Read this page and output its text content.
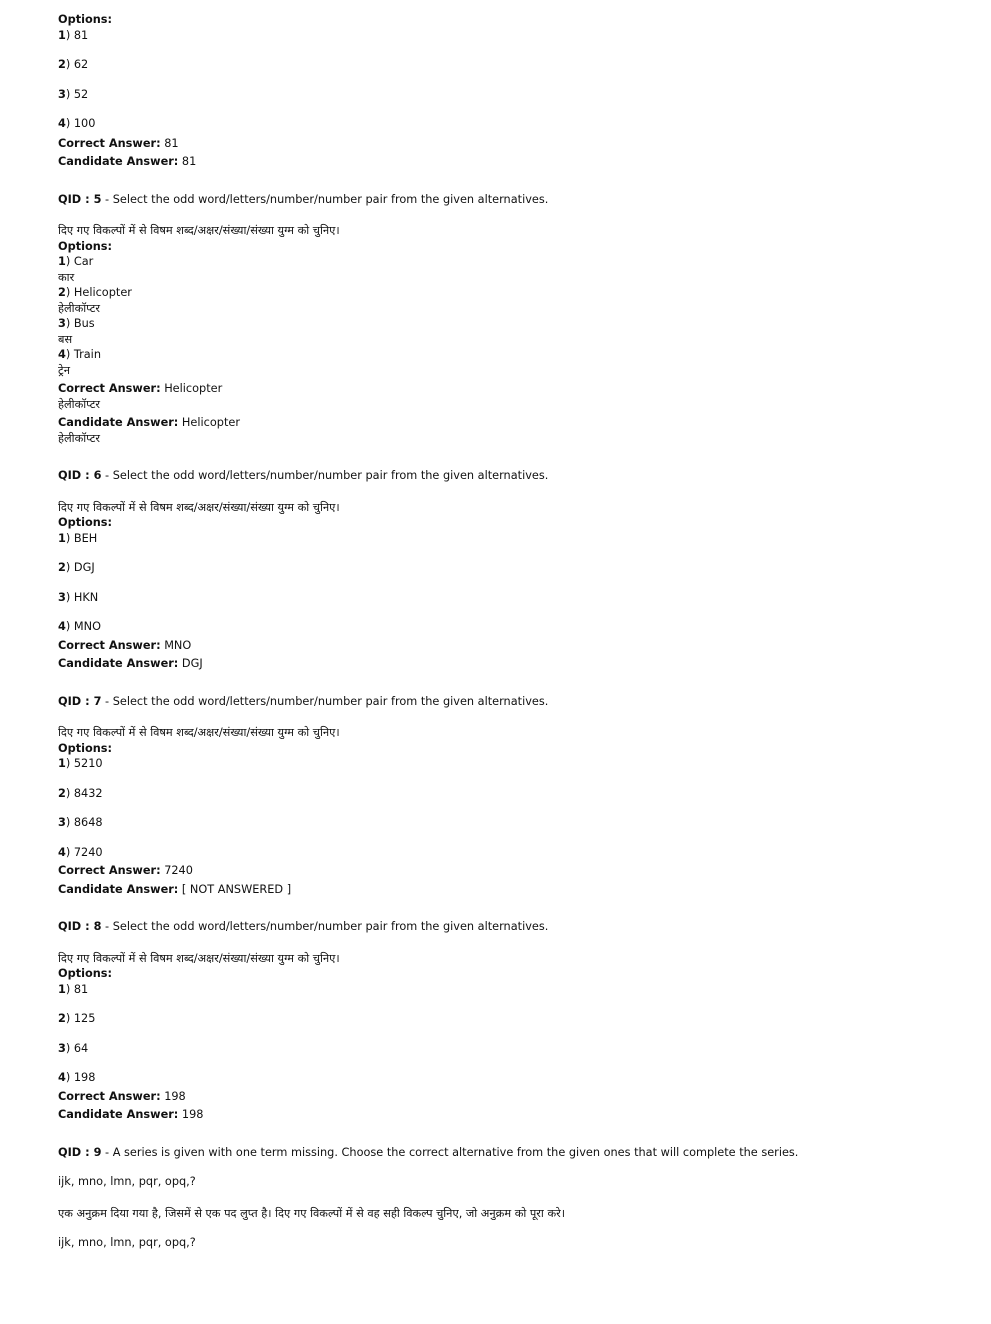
Options:
1) 81
2) 62
3) 52
4) 100
Correct Answer: 81
Candidate Answer: 81
QID : 5 - Select the odd word/letters/number/number pair from the given alternatives.
दिए गए विकल्पों में से विषम शब्द/अक्षर/संख्या/संख्या युग्म को चुनिए।
Options:
1) Car
कार
2) Helicopter
हेलीकॉप्टर
3) Bus
बस
4) Train
ट्रेन
Correct Answer: Helicopter
हेलीकॉप्टर
Candidate Answer: Helicopter
हेलीकॉप्टर
QID : 6 - Select the odd word/letters/number/number pair from the given alternatives.
दिए गए विकल्पों में से विषम शब्द/अक्षर/संख्या/संख्या युग्म को चुनिए।
Options:
1) BEH
2) DGJ
3) HKN
4) MNO
Correct Answer: MNO
Candidate Answer: DGJ
QID : 7 - Select the odd word/letters/number/number pair from the given alternatives.
दिए गए विकल्पों में से विषम शब्द/अक्षर/संख्या/संख्या युग्म को चुनिए।
Options:
1) 5210
2) 8432
3) 8648
4) 7240
Correct Answer: 7240
Candidate Answer: [ NOT ANSWERED ]
QID : 8 - Select the odd word/letters/number/number pair from the given alternatives.
दिए गए विकल्पों में से विषम शब्द/अक्षर/संख्या/संख्या युग्म को चुनिए।
Options:
1) 81
2) 125
3) 64
4) 198
Correct Answer: 198
Candidate Answer: 198
QID : 9 - A series is given with one term missing. Choose the correct alternative from the given ones that will complete the series.
ijk, mno, lmn, pqr, opq,?
एक अनुक्रम दिया गया है, जिसमें से एक पद लुप्त है। दिए गए विकल्पों में से वह सही विकल्प चुनिए, जो अनुक्रम को पूरा करे।
ijk, mno, lmn, pqr, opq,?
